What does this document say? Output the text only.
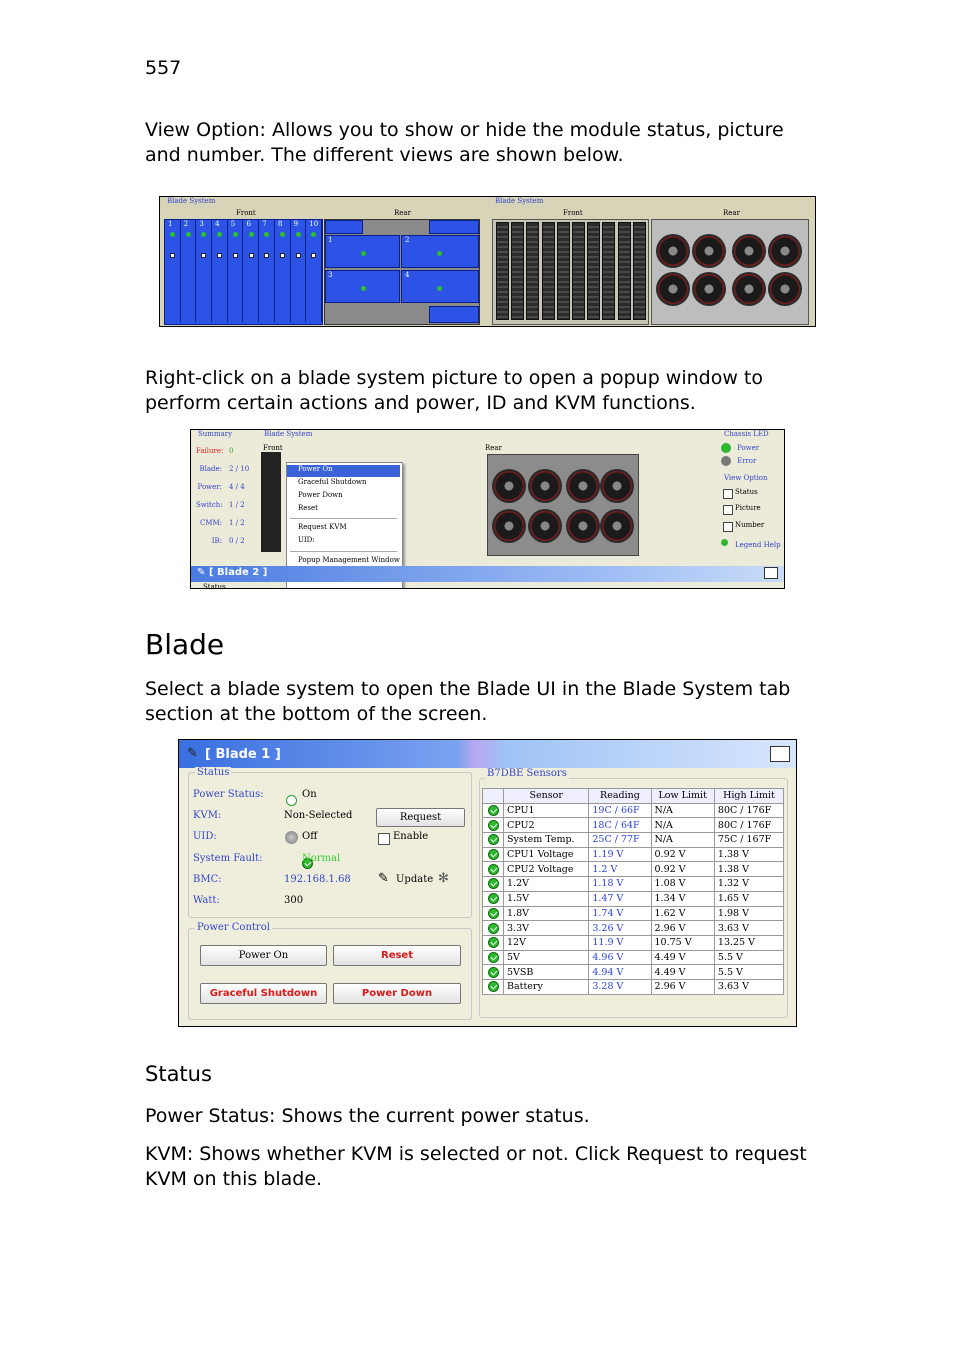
557
View Option: Allows you to show or hide the module status, picture and number. The different views are shown below.
Blade System
Front	Rear
1 2 3 4 5 6 7 8 9 10
1	2
3	4
Blade System
Front	Rear
Right-click on a blade system picture to open a popup window to perform certain actions and power, ID and KVM functions.
Summary
Failure: 0
Blade: 2 / 10
Power: 4 / 4
Switch: 1 / 2
CMM: 1 / 2
IB: 0 / 2
Blade System
Front	Rear
Power On
Graceful Shutdown
Power Down
Reset
Request KVM
UID:
Popup Management Window
Chassis LED
Power
Error
View Option
Status
Picture
Number
Legend Help
[ Blade 2 ]
✎
Status
Blade
Select a blade system to open the Blade UI in the Blade System tab section at the bottom of the screen.
✎ [ Blade 1 ]
Status
Power Status:
	On
KVM:	Non-Selected	Request
UID:	Off	Enable
System Fault:	Normal
BMC:	192.168.1.68 ✎ Update ✻
Watt:	300
Power Control
Power On	Reset
Graceful Shutdown	Power Down
B7DBE Sensors
	Sensor	Reading	Low Limit	High Limit
	CPU1	19C / 66F	N/A	80C / 176F
	CPU2	18C / 64F	N/A	80C / 176F
	System Temp.	25C / 77F	N/A	75C / 167F
	CPU1 Voltage	1.19 V	0.92 V	1.38 V
	CPU2 Voltage	1.2 V	0.92 V	1.38 V
	1.2V	1.18 V	1.08 V	1.32 V
	1.5V	1.47 V	1.34 V	1.65 V
	1.8V	1.74 V	1.62 V	1.98 V
	3.3V	3.26 V	2.96 V	3.63 V
	12V	11.9 V	10.75 V	13.25 V
	5V	4.96 V	4.49 V	5.5 V
	5VSB	4.94 V	4.49 V	5.5 V
	Battery	3.28 V	2.96 V	3.63 V
Status
Power Status: Shows the current power status.
KVM: Shows whether KVM is selected or not. Click Request to request KVM on this blade.
